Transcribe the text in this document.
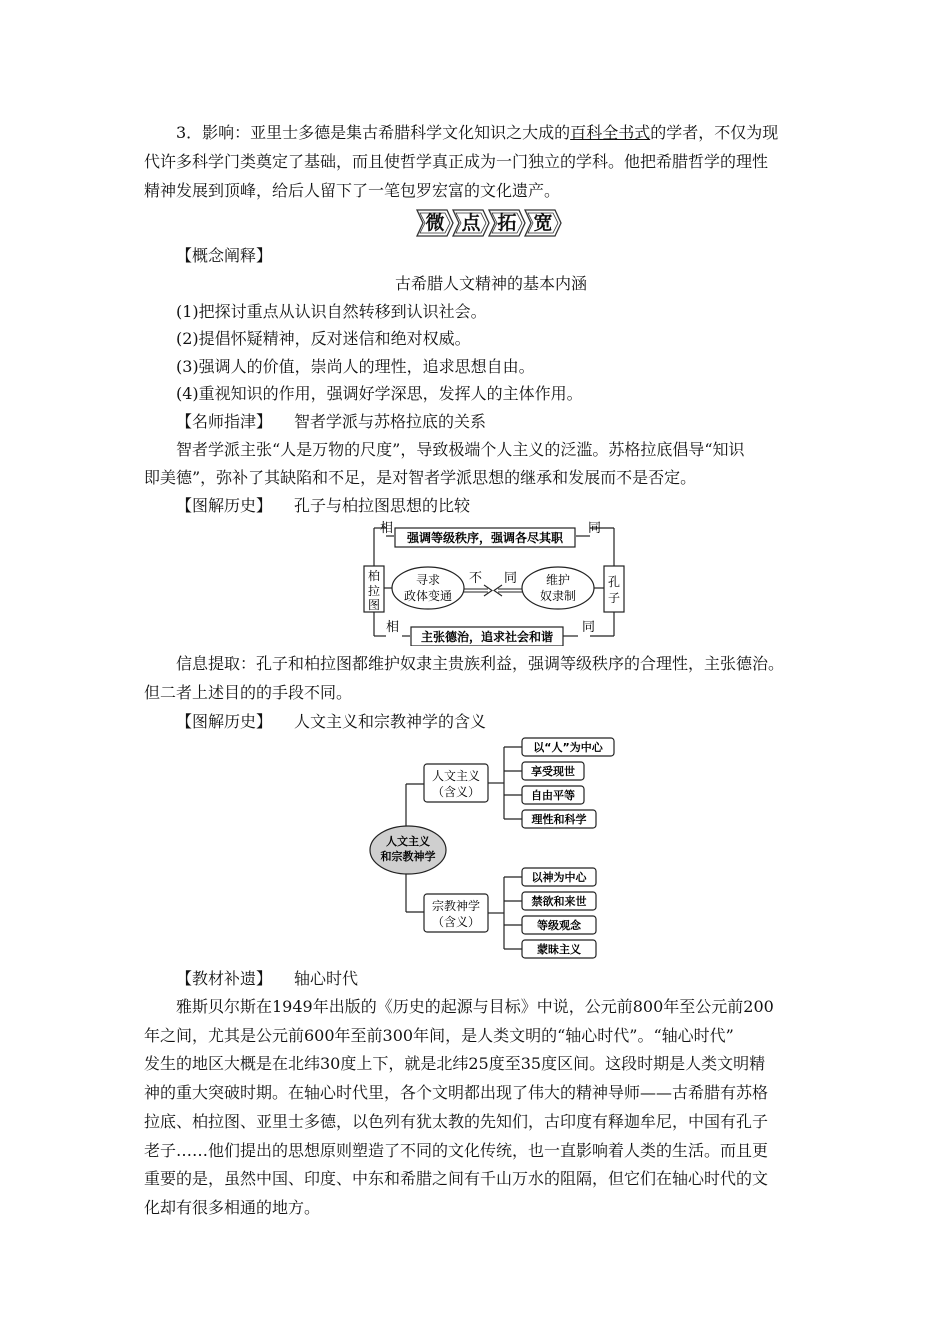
3．影响：亚里士多德是集古希腊科学文化知识之大成的百科全书式的学者，不仅为现
代许多科学门类奠定了基础，而且使哲学真正成为一门独立的学科。他把希腊哲学的理性
精神发展到顶峰，给后人留下了一笔包罗宏富的文化遗产。
微 点 拓 宽
【概念阐释】
古希腊人文精神的基本内涵
(1)把探讨重点从认识自然转移到认识社会。
(2)提倡怀疑精神，反对迷信和绝对权威。
(3)强调人的价值，崇尚人的理性，追求思想自由。
(4)重视知识的作用，强调好学深思，发挥人的主体作用。
【名师指津】 智者学派与苏格拉底的关系
智者学派主张“人是万物的尺度”，导致极端个人主义的泛滥。苏格拉底倡导“知识
即美德”，弥补了其缺陷和不足，是对智者学派思想的继承和发展而不是否定。
【图解历史】 孔子与柏拉图思想的比较
相
强调等级秩序，强调各尽其职
同
柏
拉
图
寻求
政体变通
不 同 维护
奴隶制
孔
子
相
主张德治，追求社会和谐
同
信息提取：孔子和柏拉图都维护奴隶主贵族利益，强调等级秩序的合理性，主张德治。
但二者上述目的的手段不同。
【图解历史】 人文主义和宗教神学的含义
人文主义
和宗教神学
人文主义
（含义）
以“人”为中心
享受现世
自由平等
理性和科学
宗教神学
（含义）
以神为中心
禁欲和来世
等级观念
蒙昧主义
【教材补遗】 轴心时代
雅斯贝尔斯在1949年出版的《历史的起源与目标》中说，公元前800年至公元前200
年之间，尤其是公元前600年至前300年间，是人类文明的“轴心时代”。“轴心时代”
发生的地区大概是在北纬30度上下，就是北纬25度至35度区间。这段时期是人类文明精
神的重大突破时期。在轴心时代里，各个文明都出现了伟大的精神导师——古希腊有苏格
拉底、柏拉图、亚里士多德，以色列有犹太教的先知们，古印度有释迦牟尼，中国有孔子
老子……他们提出的思想原则塑造了不同的文化传统，也一直影响着人类的生活。而且更
重要的是，虽然中国、印度、中东和希腊之间有千山万水的阻隔，但它们在轴心时代的文
化却有很多相通的地方。
